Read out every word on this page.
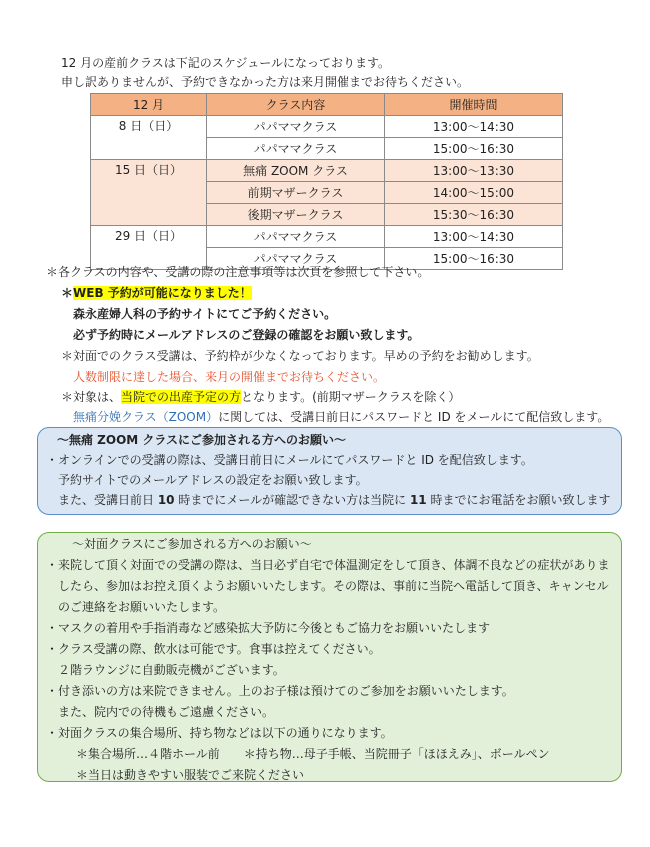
12 月の産前クラスは下記のスケジュールになっております。
申し訳ありませんが、予約できなかった方は来月開催までお待ちください。
12 月	クラス内容	開催時間
8 日（日）	パパママクラス	13:00～14:30
	パパママクラス	15:00～16:30
15 日（日）	無痛 ZOOM クラス	13:00～13:30
	前期マザークラス	14:00～15:00
	後期マザークラス	15:30～16:30
29 日（日）	パパママクラス	13:00～14:30
	パパママクラス	15:00～16:30
＊各クラスの内容や、受講の際の注意事項等は次頁を参照して下さい。
＊WEB 予約が可能になりました！
森永産婦人科の予約サイトにてご予約ください。
必ず予約時にメールアドレスのご登録の確認をお願い致します。
＊対面でのクラス受講は、予約枠が少なくなっております。早めの予約をお勧めします。
人数制限に達した場合、来月の開催までお待ちください。
＊対象は、当院での出産予定の方となります。(前期マザークラスを除く）
無痛分娩クラス（ZOOM）に関しては、受講日前日にパスワードと ID をメールにて配信致します。
～無痛 ZOOM クラスにご参加される方へのお願い～
・オンラインでの受講の際は、受講日前日にメールにてパスワードと ID を配信致します。
予約サイトでのメールアドレスの設定をお願い致します。
また、受講日前日 10 時までにメールが確認できない方は当院に 11 時までにお電話をお願い致します
～対面クラスにご参加される方へのお願い～
・来院して頂く対面での受講の際は、当日必ず自宅で体温測定をして頂き、体調不良などの症状がありま
したら、参加はお控え頂くようお願いいたします。その際は、事前に当院へ電話して頂き、キャンセル
のご連絡をお願いいたします。
・マスクの着用や手指消毒など感染拡大予防に今後ともご協力をお願いいたします
・クラス受講の際、飲水は可能です。食事は控えてください。
２階ラウンジに自動販売機がございます。
・付き添いの方は来院できません。上のお子様は預けてのご参加をお願いいたします。
また、院内での待機もご遠慮ください。
・対面クラスの集合場所、持ち物などは以下の通りになります。
＊集合場所…４階ホール前　　＊持ち物…母子手帳、当院冊子「ほほえみ」、ボールペン
＊当日は動きやすい服装でご来院ください
